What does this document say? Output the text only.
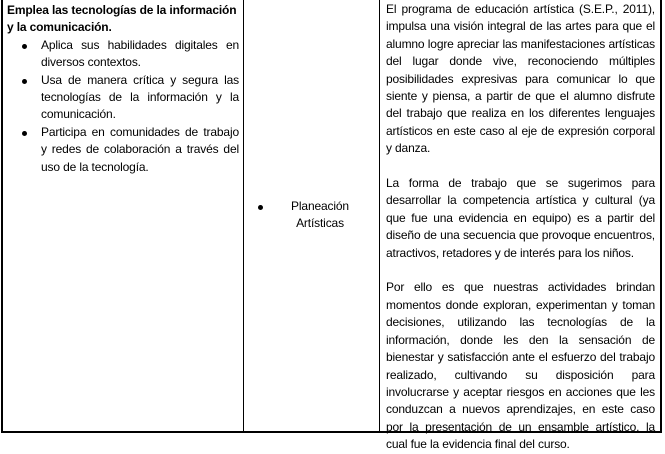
Emplea las tecnologías de la información y la comunicación.
Aplica sus habilidades digitales en diversos contextos.
Usa de manera crítica y segura las tecnologías de la información y la comunicación.
Participa en comunidades de trabajo y redes de colaboración a través del uso de la tecnología.
Planeación Artísticas

El programa de educación artística (S.E.P., 2011), impulsa una visión integral de las artes para que el alumno logre apreciar las manifestaciones artísticas del lugar donde vive, reconociendo múltiples posibilidades expresivas para comunicar lo que siente y piensa, a partir de que el alumno disfrute del trabajo que realiza en los diferentes lenguajes artísticos en este caso al eje de expresión corporal y danza.

La forma de trabajo que se sugerimos para desarrollar la competencia artística y cultural (ya que fue una evidencia en equipo) es a partir del diseño de una secuencia que provoque encuentros, atractivos, retadores y de interés para los niños.

Por ello es que nuestras actividades brindan momentos donde exploran, experimentan y toman decisiones, utilizando las tecnologías de la información, donde les den la sensación de bienestar y satisfacción ante el esfuerzo del trabajo realizado, cultivando su disposición para involucrarse y aceptar riesgos en acciones que les conduzcan a nuevos aprendizajes, en este caso por la presentación de un ensamble artístico, la cual fue la evidencia final del curso.
